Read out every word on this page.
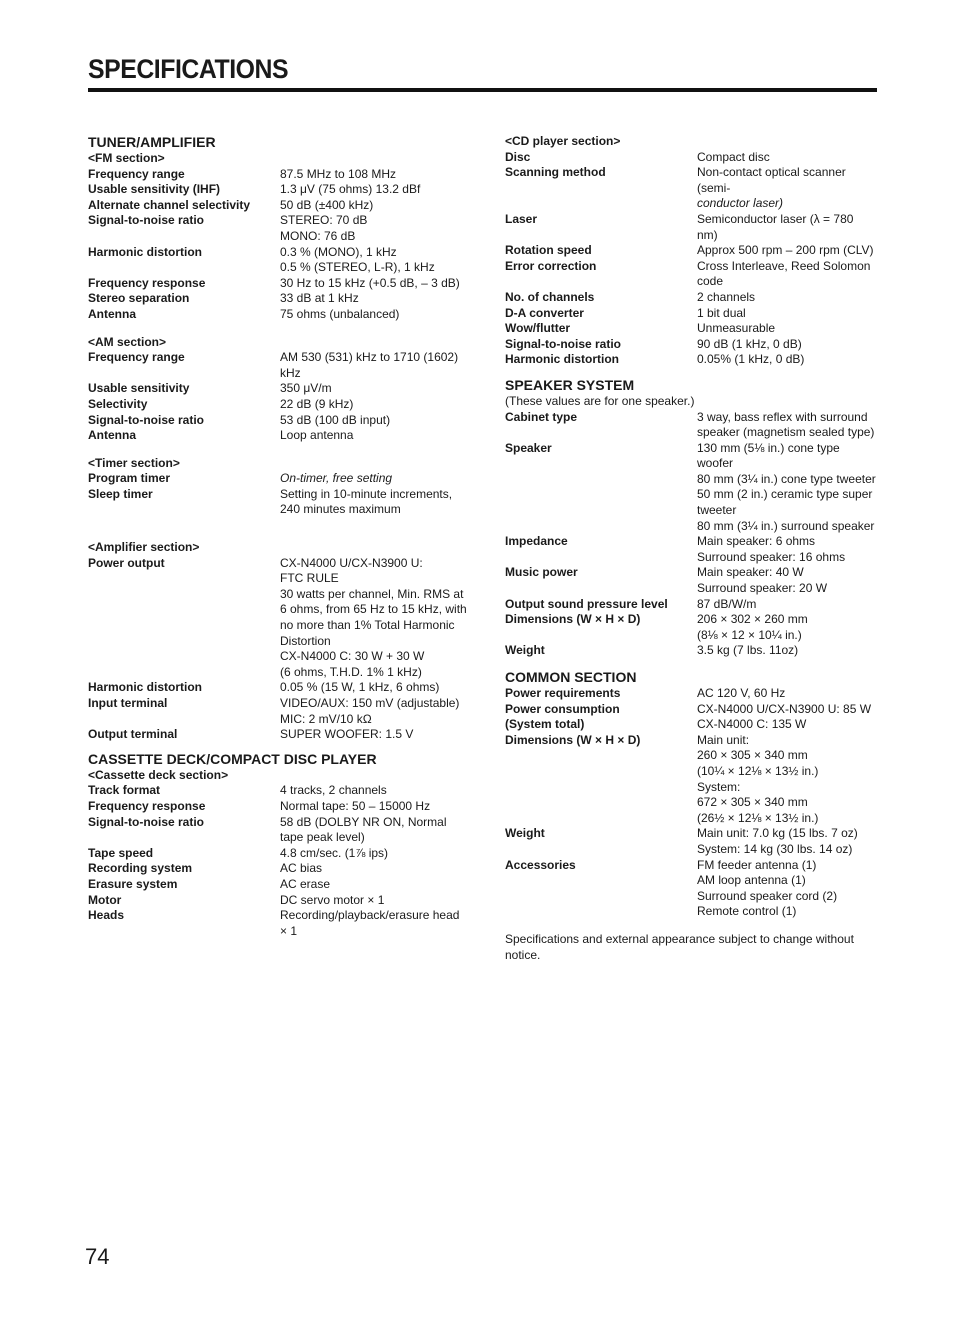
SPECIFICATIONS
TUNER/AMPLIFIER
<FM section>
Frequency range	87.5 MHz to 108 MHz
Usable sensitivity (IHF)	1.3 μV (75 ohms) 13.2 dBf
Alternate channel selectivity	50 dB (±400 kHz)
Signal-to-noise ratio	STEREO: 70 dB
MONO: 76 dB
Harmonic distortion	0.3 % (MONO), 1 kHz
0.5 % (STEREO, L-R), 1 kHz
Frequency response	30 Hz to 15 kHz (+0.5 dB, – 3 dB)
Stereo separation	33 dB at 1 kHz
Antenna	75 ohms (unbalanced)
<AM section>
Frequency range	AM 530 (531) kHz to 1710 (1602)
kHz
Usable sensitivity	350 μV/m
Selectivity	22 dB (9 kHz)
Signal-to-noise ratio	53 dB (100 dB input)
Antenna	Loop antenna
<Timer section>
Program timer	On-timer, free setting
Sleep timer	Setting in 10-minute increments,
240 minutes maximum
<Amplifier section>
Power output	CX-N4000 U/CX-N3900 U:
FTC RULE
30 watts per channel, Min. RMS at
6 ohms, from 65 Hz to 15 kHz, with
no more than 1% Total Harmonic
Distortion
CX-N4000 C: 30 W + 30 W
(6 ohms, T.H.D. 1% 1 kHz)
Harmonic distortion	0.05 % (15 W, 1 kHz, 6 ohms)
Input terminal	VIDEO/AUX: 150 mV (adjustable)
MIC: 2 mV/10 kΩ
Output terminal	SUPER WOOFER: 1.5 V
CASSETTE DECK/COMPACT DISC PLAYER
<Cassette deck section>
Track format	4 tracks, 2 channels
Frequency response	Normal tape: 50 – 15000 Hz
Signal-to-noise ratio	58 dB (DOLBY NR ON, Normal
tape peak level)
Tape speed	4.8 cm/sec. (1⅞ ips)
Recording system	AC bias
Erasure system	AC erase
Motor	DC servo motor × 1
Heads	Recording/playback/erasure head
× 1
<CD player section>
Disc	Compact disc
Scanning method	Non-contact optical scanner (semi-
conductor laser)
Laser	Semiconductor laser (λ = 780 nm)
Rotation speed	Approx 500 rpm – 200 rpm (CLV)
Error correction	Cross Interleave, Reed Solomon
code
No. of channels	2 channels
D-A converter	1 bit dual
Wow/flutter	Unmeasurable
Signal-to-noise ratio	90 dB (1 kHz, 0 dB)
Harmonic distortion	0.05% (1 kHz, 0 dB)
SPEAKER SYSTEM
(These values are for one speaker.)
Cabinet type	3 way, bass reflex with surround
speaker (magnetism sealed type)
Speaker	130 mm (5⅛ in.) cone type woofer
80 mm (3¼ in.) cone type tweeter
50 mm (2 in.) ceramic type super
tweeter
80 mm (3¼ in.) surround speaker
Impedance	Main speaker: 6 ohms
Surround speaker: 16 ohms
Music power	Main speaker: 40 W
Surround speaker: 20 W
Output sound pressure level	87 dB/W/m
Dimensions (W × H × D)	206 × 302 × 260 mm
(8⅛ × 12 × 10¼ in.)
Weight	3.5 kg (7 lbs. 11oz)
COMMON SECTION
Power requirements	AC 120 V, 60 Hz
Power consumption	CX-N4000 U/CX-N3900 U: 85 W
(System total)	CX-N4000 C: 135 W
Dimensions (W × H × D)	Main unit:
260 × 305 × 340 mm
(10¼ × 12⅛ × 13½ in.)
System:
672 × 305 × 340 mm
(26½ × 12⅛ × 13½ in.)
Weight	Main unit: 7.0 kg (15 lbs. 7 oz)
System: 14 kg (30 lbs. 14 oz)
Accessories	FM feeder antenna (1)
AM loop antenna (1)
Surround speaker cord (2)
Remote control (1)
Specifications and external appearance subject to change without notice.
74
